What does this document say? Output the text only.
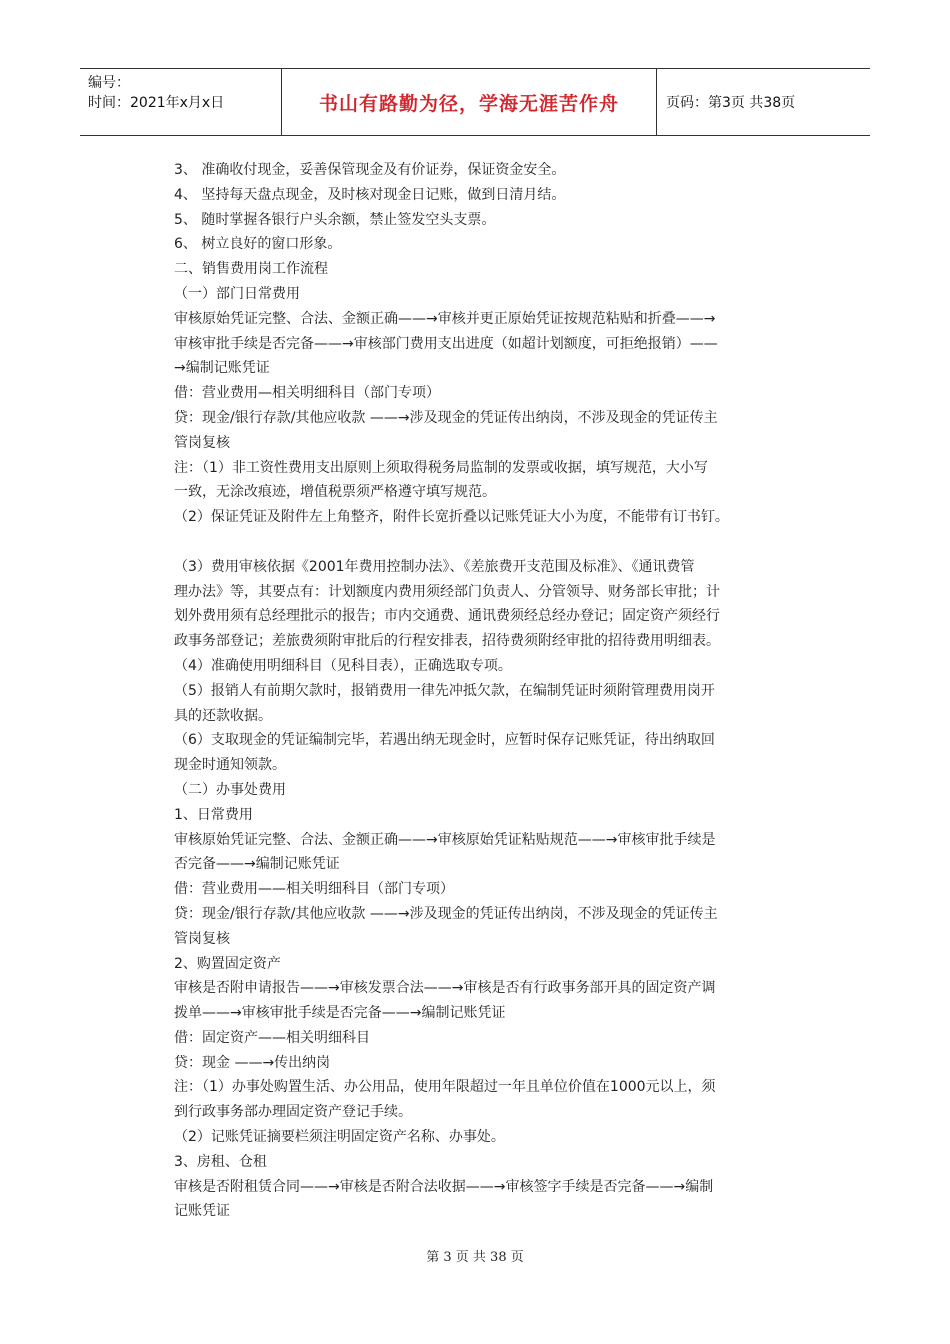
编号：
时间：2021年x月x日	书山有路勤为径，学海无涯苦作舟	页码：第3页 共38页
3、 准确收付现金，妥善保管现金及有价证券，保证资金安全。
4、 坚持每天盘点现金，及时核对现金日记账，做到日清月结。
5、 随时掌握各银行户头余额，禁止签发空头支票。
6、 树立良好的窗口形象。
二、销售费用岗工作流程
（一）部门日常费用
审核原始凭证完整、合法、金额正确——→审核并更正原始凭证按规范粘贴和折叠——→
审核审批手续是否完备——→审核部门费用支出进度（如超计划额度，可拒绝报销）——
→编制记账凭证
借：营业费用—相关明细科目（部门专项）
贷：现金/银行存款/其他应收款 ——→涉及现金的凭证传出纳岗，不涉及现金的凭证传主
管岗复核
注：（1）非工资性费用支出原则上须取得税务局监制的发票或收据，填写规范，大小写
一致，无涂改痕迹，增值税票须严格遵守填写规范。
（2）保证凭证及附件左上角整齐，附件长宽折叠以记账凭证大小为度，不能带有订书钉。
（3）费用审核依据《2001年费用控制办法》、《差旅费开支范围及标准》、《通讯费管
理办法》等，其要点有：计划额度内费用须经部门负责人、分管领导、财务部长审批；计
划外费用须有总经理批示的报告；市内交通费、通讯费须经总经办登记；固定资产须经行
政事务部登记；差旅费须附审批后的行程安排表，招待费须附经审批的招待费用明细表。
（4）准确使用明细科目（见科目表），正确选取专项。
（5）报销人有前期欠款时，报销费用一律先冲抵欠款，在编制凭证时须附管理费用岗开
具的还款收据。
（6）支取现金的凭证编制完毕，若遇出纳无现金时，应暂时保存记账凭证，待出纳取回
现金时通知领款。
（二）办事处费用
1、日常费用
审核原始凭证完整、合法、金额正确——→审核原始凭证粘贴规范——→审核审批手续是
否完备——→编制记账凭证
借：营业费用——相关明细科目（部门专项）
贷：现金/银行存款/其他应收款 ——→涉及现金的凭证传出纳岗，不涉及现金的凭证传主
管岗复核
2、购置固定资产
审核是否附申请报告——→审核发票合法——→审核是否有行政事务部开具的固定资产调
拨单——→审核审批手续是否完备——→编制记账凭证
借：固定资产——相关明细科目
贷：现金 ——→传出纳岗
注：（1）办事处购置生活、办公用品，使用年限超过一年且单位价值在1000元以上，须
到行政事务部办理固定资产登记手续。
（2）记账凭证摘要栏须注明固定资产名称、办事处。
3、房租、仓租
审核是否附租赁合同——→审核是否附合法收据——→审核签字手续是否完备——→编制
记账凭证
第 3 页 共 38 页
